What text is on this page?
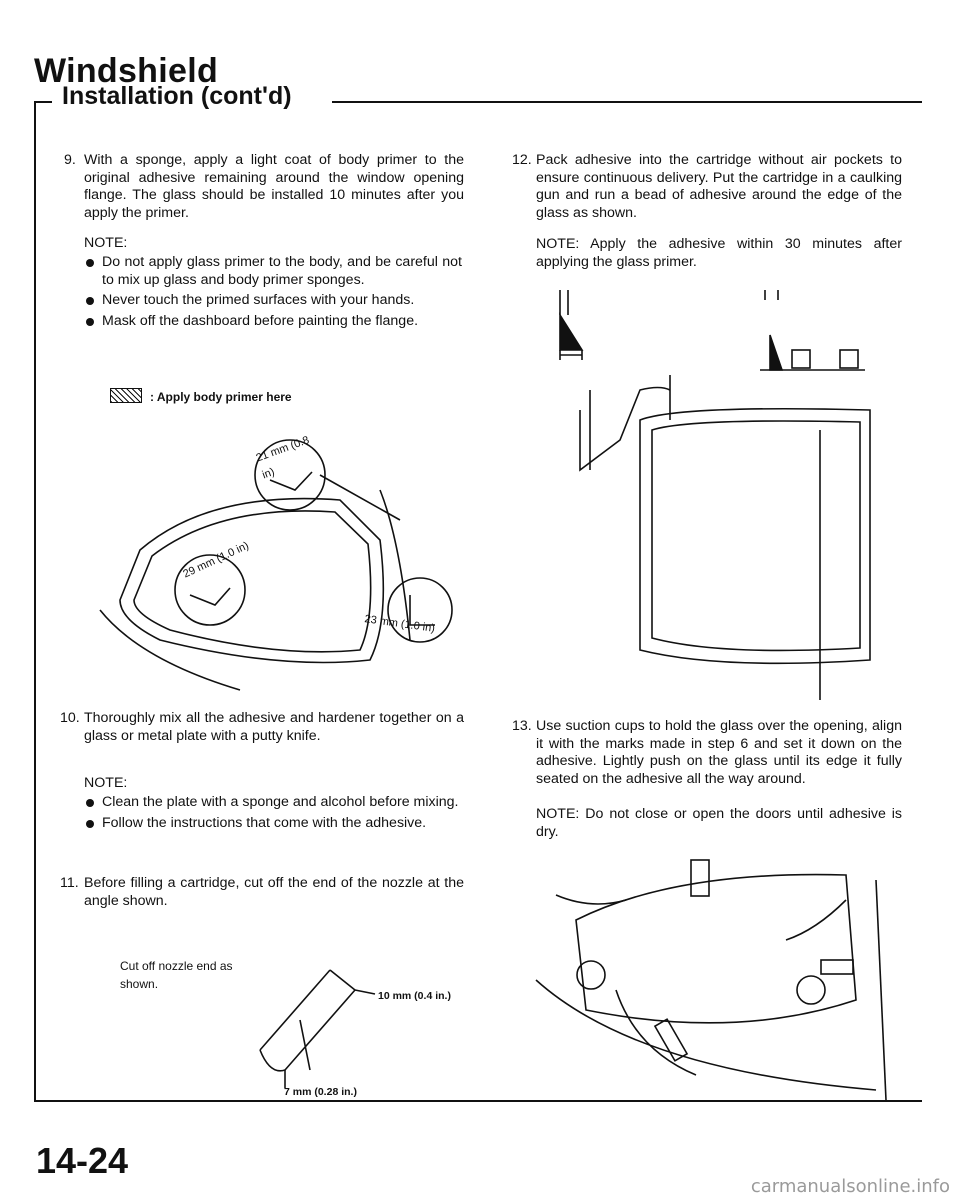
Windshield
Installation (cont'd)
9. With a sponge, apply a light coat of body primer to the original adhesive remaining around the window opening flange. The glass should be installed 10 minutes after you apply the primer.
NOTE:
Do not apply glass primer to the body, and be careful not to mix up glass and body primer sponges.
Never touch the primed surfaces with your hands.
Mask off the dashboard before painting the flange.
: Apply body primer here
21 mm (0.8 in)
29 mm (1.0 in)
23 mm (1.0 in)
10. Thoroughly mix all the adhesive and hardener together on a glass or metal plate with a putty knife.
NOTE:
Clean the plate with a sponge and alcohol before mixing.
Follow the instructions that come with the adhesive.
11. Before filling a cartridge, cut off the end of the nozzle at the angle shown.
Cut off nozzle end as shown.
10 mm (0.4 in.)
7 mm (0.28 in.)
12. Pack adhesive into the cartridge without air pockets to ensure continuous delivery. Put the cartridge in a caulking gun and run a bead of adhesive around the edge of the glass as shown.
NOTE: Apply the adhesive within 30 minutes after applying the glass primer.
13. Use suction cups to hold the glass over the opening, align it with the marks made in step 6 and set it down on the adhesive. Lightly push on the glass until its edge it fully seated on the adhesive all the way around.
NOTE: Do not close or open the doors until adhesive is dry.
14-24
carmanualsonline.info
